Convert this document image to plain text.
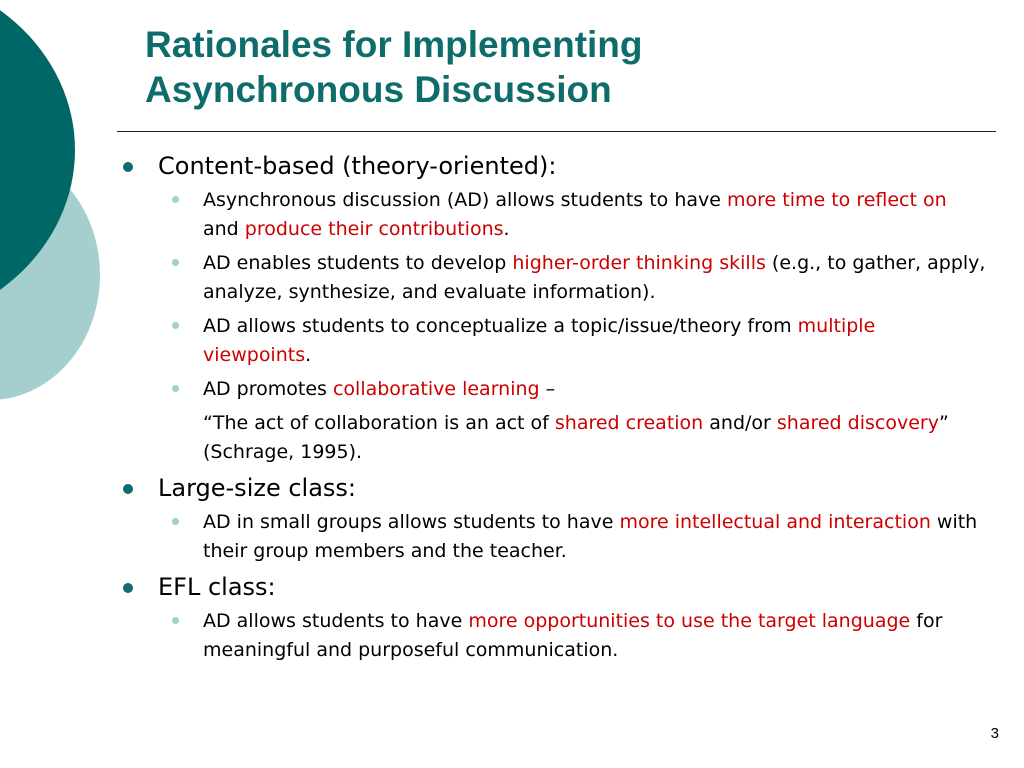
Rationales for Implementing
Asynchronous Discussion
Content-based (theory-oriented):
Asynchronous discussion (AD) allows students to have more time to reflect on and produce their contributions.
AD enables students to develop higher-order thinking skills (e.g., to gather, apply, analyze, synthesize, and evaluate information).
AD allows students to conceptualize a topic/issue/theory from multiple viewpoints.
AD promotes collaborative learning –
“The act of collaboration is an act of shared creation and/or shared discovery” (Schrage, 1995).
Large-size class:
AD in small groups allows students to have more intellectual and interaction with their group members and the teacher.
EFL class:
AD allows students to have more opportunities to use the target language for meaningful and purposeful communication.
3
